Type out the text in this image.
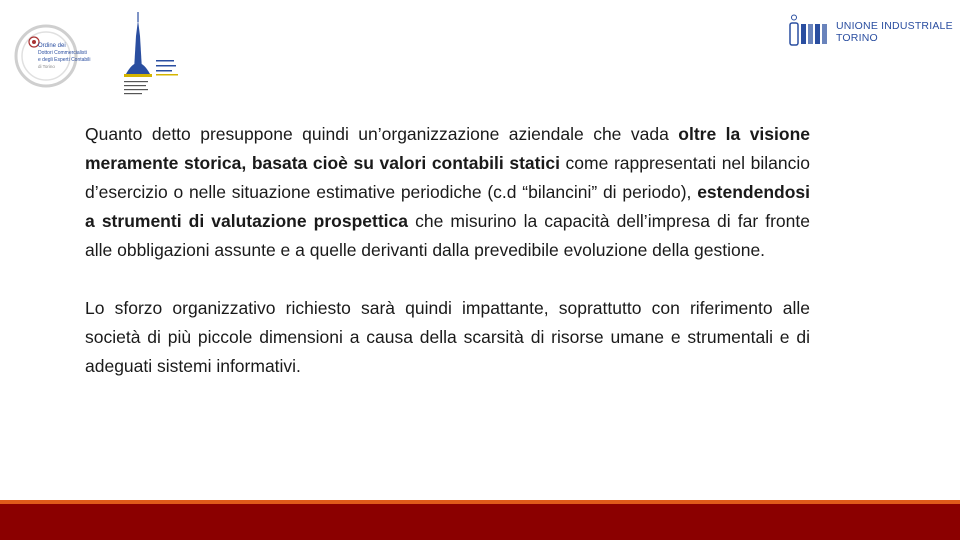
Ordine dei
Dottori Commercialisti
e degli Esperti Contabili
di Torino
UNIONE INDUSTRIALE
TORINO

Quanto detto presuppone quindi un’organizzazione aziendale che vada oltre la visione meramente storica, basata cioè su valori contabili statici come rappresentati nel bilancio d’esercizio o nelle situazione estimative periodiche (c.d “bilancini” di periodo), estendendosi a strumenti di valutazione prospettica che misurino la capacità dell’impresa di far fronte alle obbligazioni assunte e a quelle derivanti dalla prevedibile evoluzione della gestione.

Lo sforzo organizzativo richiesto sarà quindi impattante, soprattutto con riferimento alle società di più piccole dimensioni a causa della scarsità di risorse umane e strumentali e di adeguati sistemi informativi.
